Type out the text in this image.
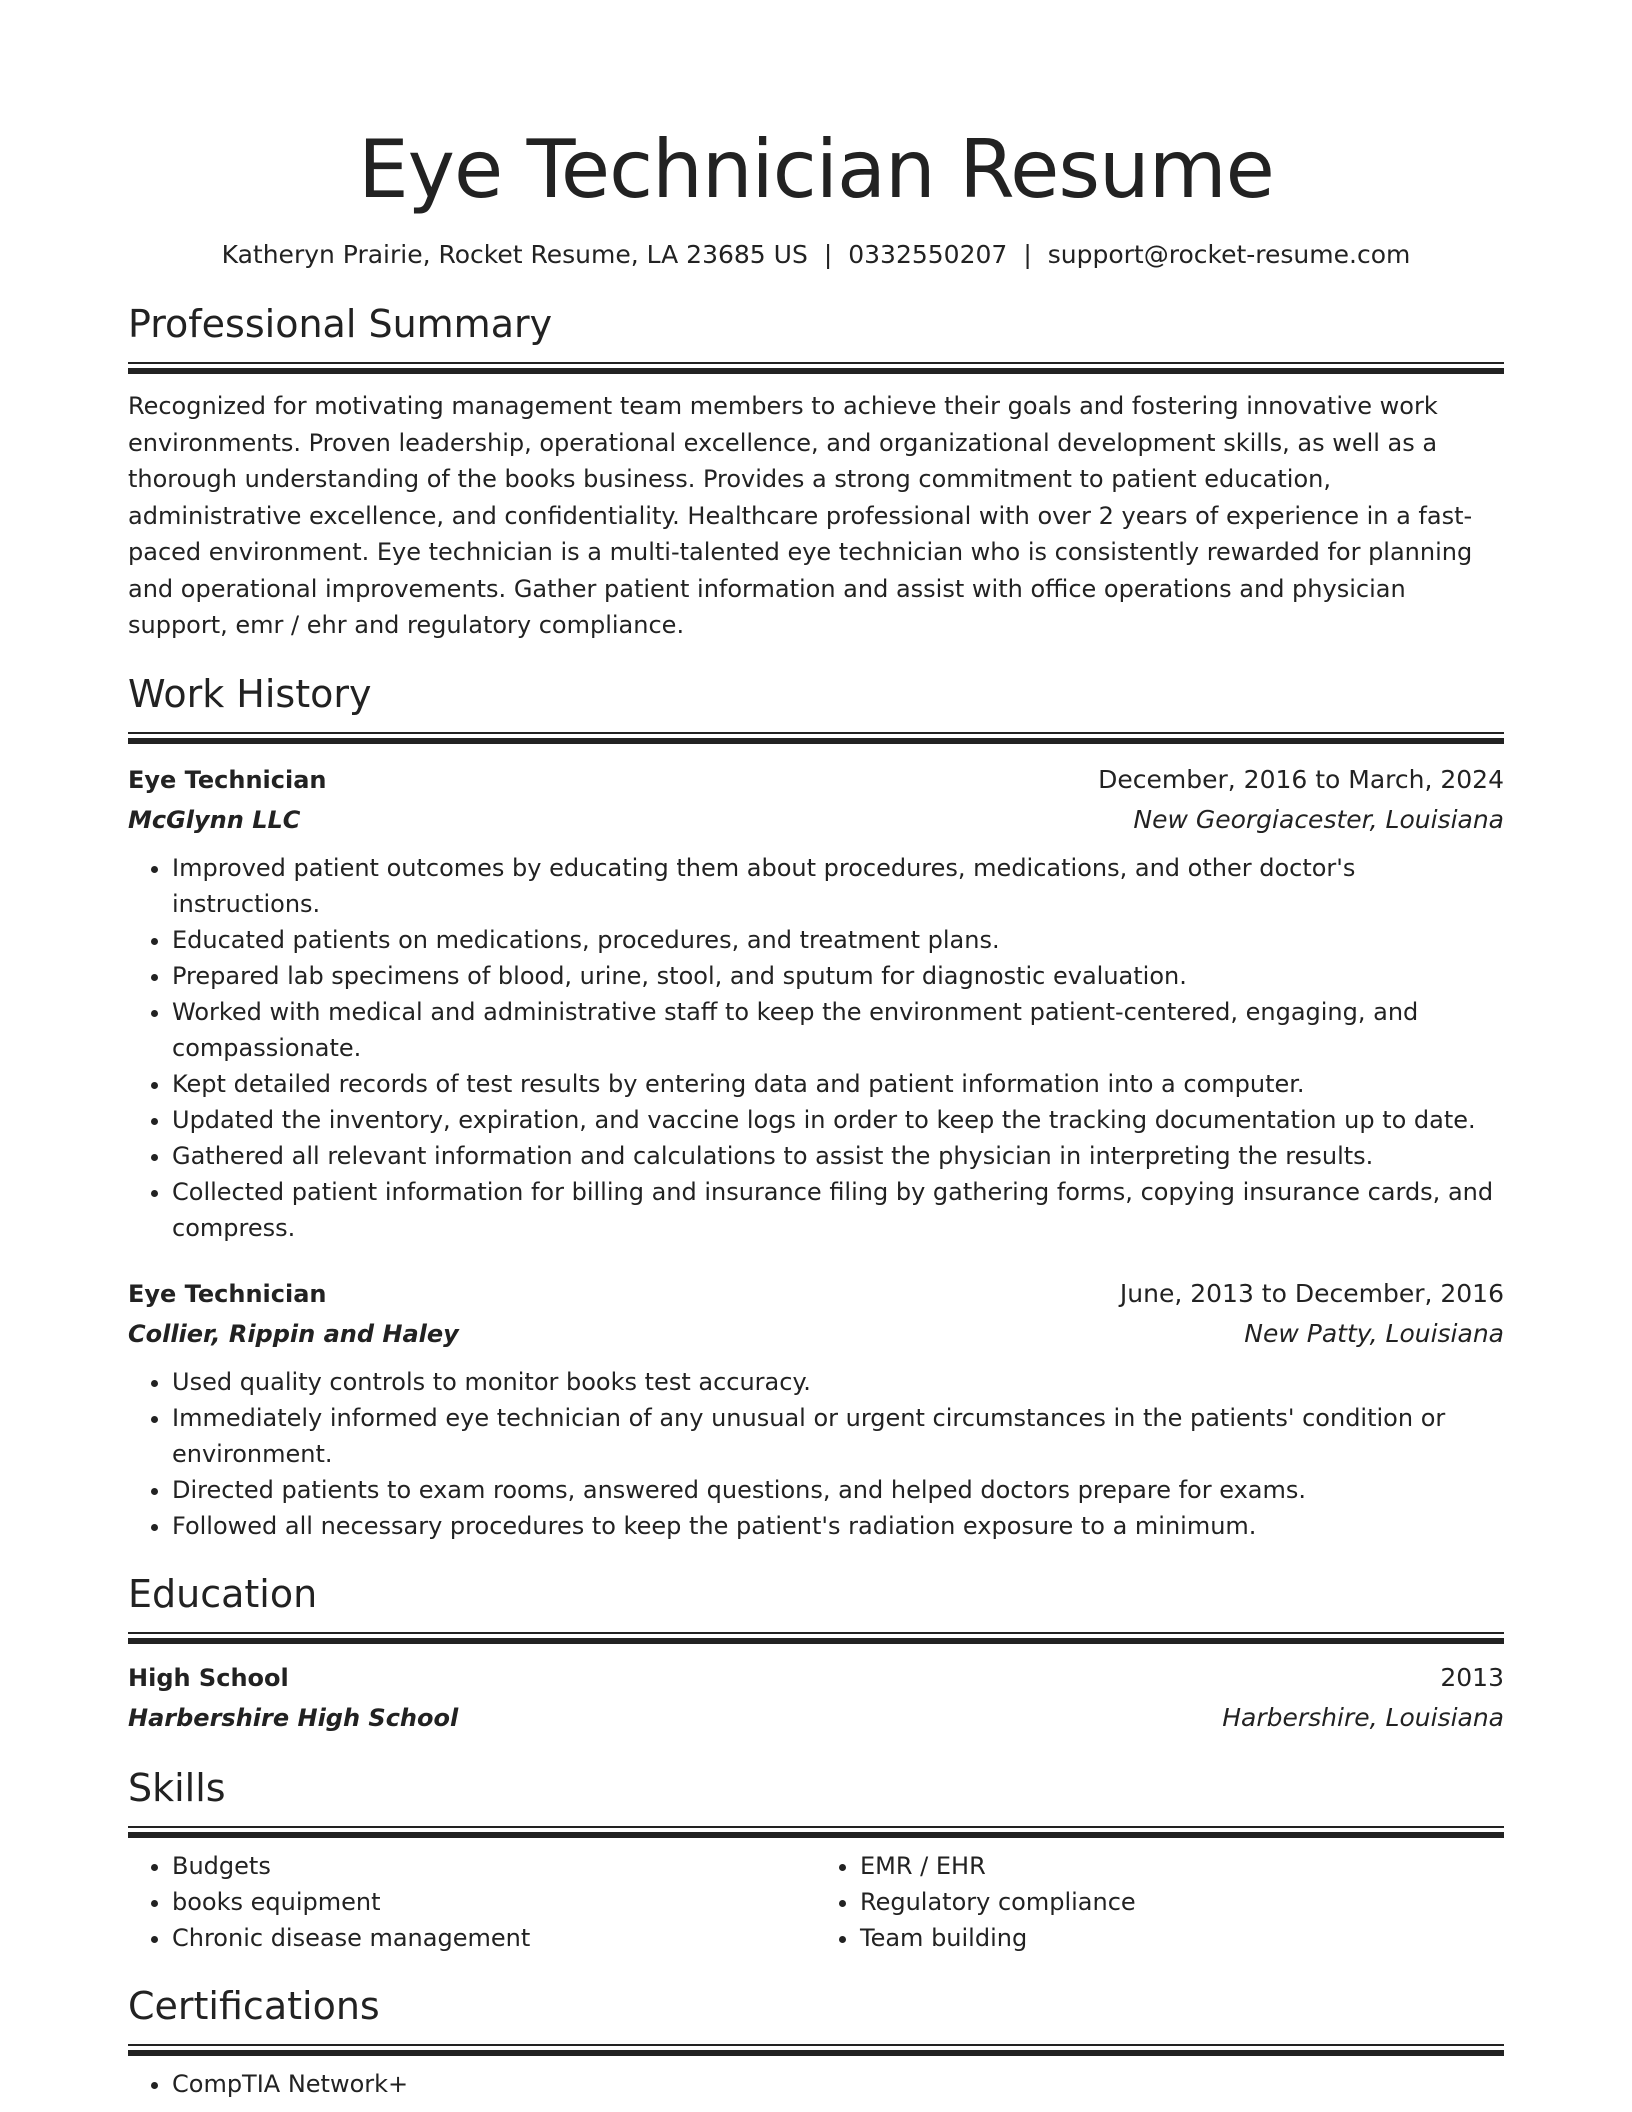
Eye Technician Resume
Katheryn Prairie, Rocket Resume, LA 23685 US | 0332550207 | support@rocket-resume.com
Professional Summary

Recognized for motivating management team members to achieve their goals and fostering innovative work environments. Proven leadership, operational excellence, and organizational development skills, as well as a thorough understanding of the books business. Provides a strong commitment to patient education, administrative excellence, and confidentiality. Healthcare professional with over 2 years of experience in a fast-paced environment. Eye technician is a multi-talented eye technician who is consistently rewarded for planning and operational improvements. Gather patient information and assist with office operations and physician support, emr / ehr and regulatory compliance.

Work History
Eye Technician	December, 2016 to March, 2024
McGlynn LLC	New Georgiacester, Louisiana
• Improved patient outcomes by educating them about procedures, medications, and other doctor's instructions.
• Educated patients on medications, procedures, and treatment plans.
• Prepared lab specimens of blood, urine, stool, and sputum for diagnostic evaluation.
• Worked with medical and administrative staff to keep the environment patient-centered, engaging, and compassionate.
• Kept detailed records of test results by entering data and patient information into a computer.
• Updated the inventory, expiration, and vaccine logs in order to keep the tracking documentation up to date.
• Gathered all relevant information and calculations to assist the physician in interpreting the results.
• Collected patient information for billing and insurance filing by gathering forms, copying insurance cards, and compress.
Eye Technician	June, 2013 to December, 2016
Collier, Rippin and Haley	New Patty, Louisiana
• Used quality controls to monitor books test accuracy.
• Immediately informed eye technician of any unusual or urgent circumstances in the patients' condition or environment.
• Directed patients to exam rooms, answered questions, and helped doctors prepare for exams.
• Followed all necessary procedures to keep the patient's radiation exposure to a minimum.
Education
High School	2013
Harbershire High School	Harbershire, Louisiana
Skills
• Budgets
• books equipment
• Chronic disease management
• EMR / EHR
• Regulatory compliance
• Team building
Certifications
• CompTIA Network+
